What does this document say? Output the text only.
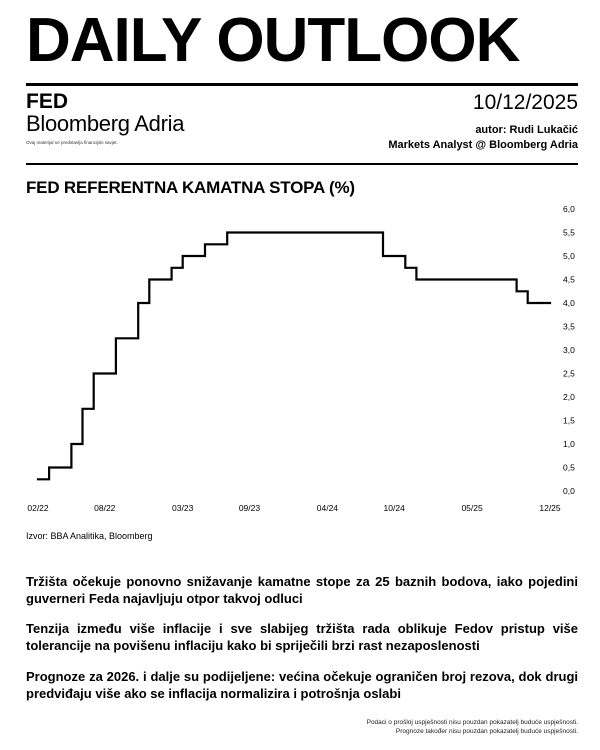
DAILY OUTLOOK
FED
Bloomberg Adria
Ovaj materijal ne predstavlja financijski savjet.
10/12/2025
autor: Rudi Lukačić
Markets Analyst @ Bloomberg Adria
FED REFERENTNA KAMATNA STOPA (%)
02/22	08/22	03/23	09/23	04/24	10/24	05/25	12/25
0,0
0,5
1,0
1,5
2,0
2,5
3,0
3,5
4,0
4,5
5,0
5,5
6,0
Izvor: BBA Analitika, Bloomberg
Tržišta očekuje ponovno snižavanje kamatne stope za 25 baznih bodova, iako pojedini guverneri Feda najavljuju otpor takvoj odluci
Tenzija između više inflacije i sve slabijeg tržišta rada oblikuje Fedov pristup više tolerancije na povišenu inflaciju kako bi spriječili brzi rast nezaposlenosti
Prognoze za 2026. i dalje su podijeljene: većina očekuje ograničen broj rezova, dok drugi predviđaju više ako se inflacija normalizira i potrošnja oslabi
Podaci o prošlој uspješnosti nisu pouzdan pokazatelj buduće uspješnosti.
Prognoze također nisu pouzdan pokazatelj buduće uspješnosti.
